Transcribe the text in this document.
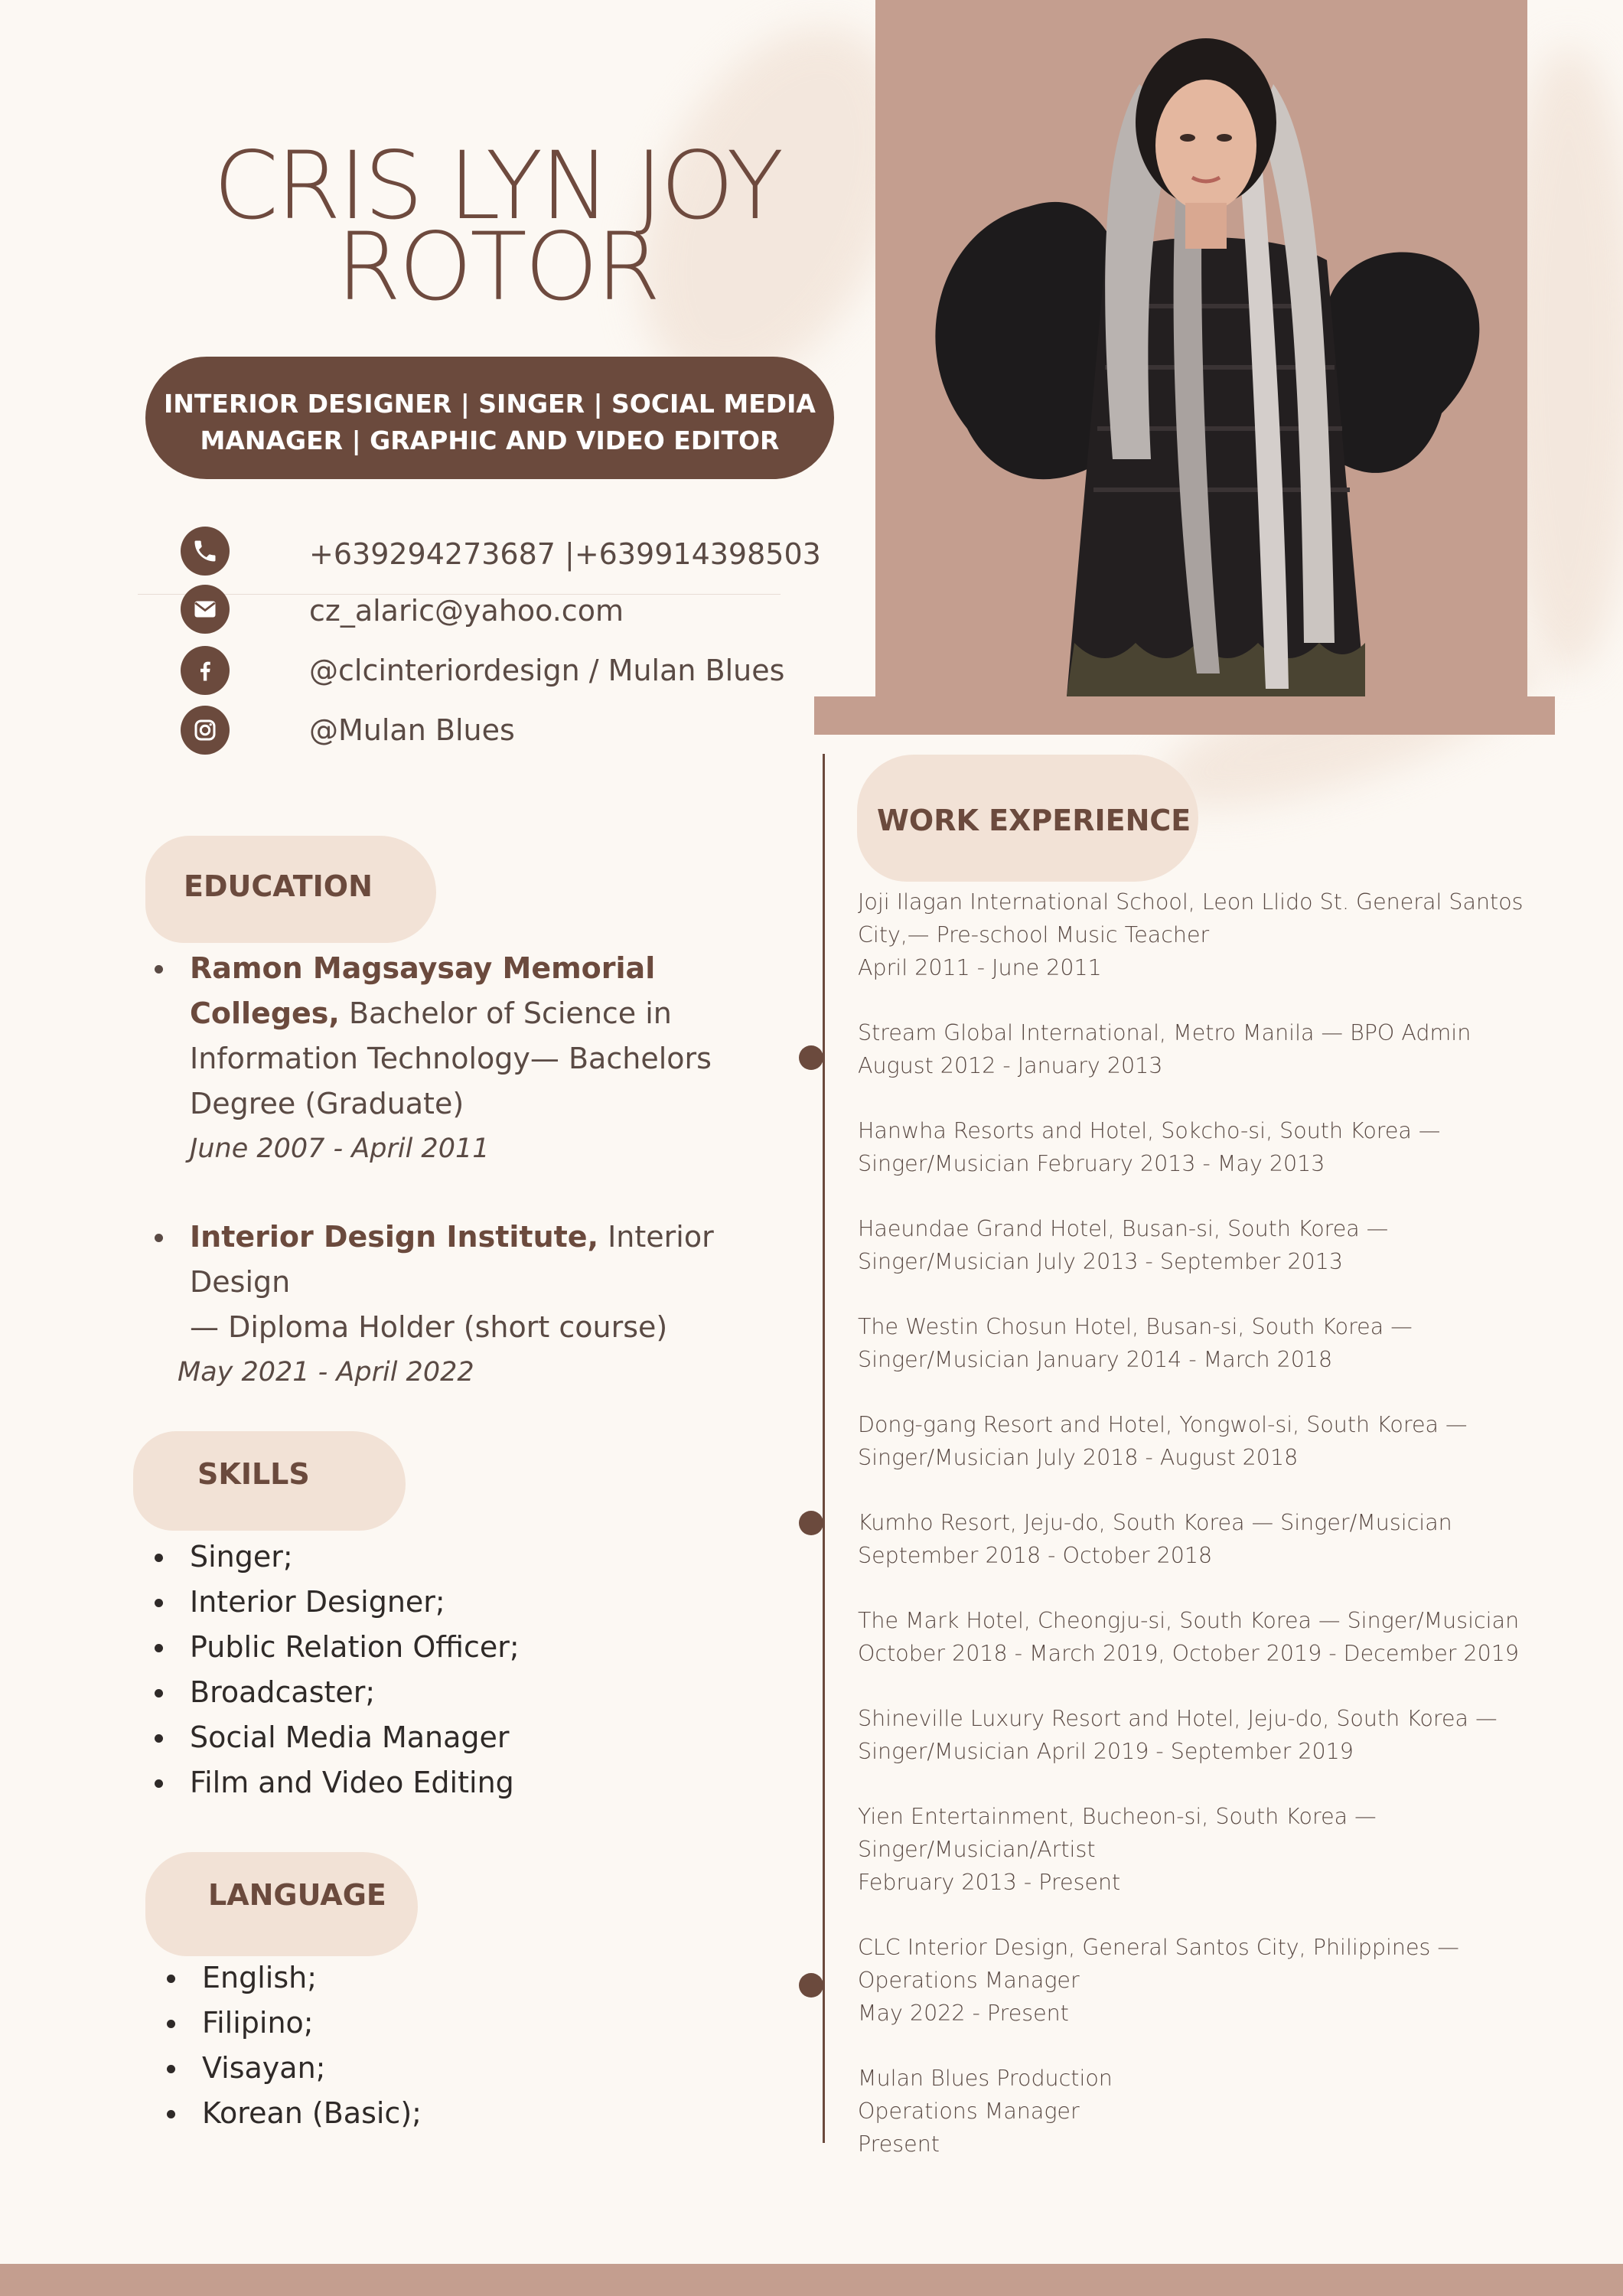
CRIS LYN JOY
ROTOR
INTERIOR DESIGNER | SINGER | SOCIAL MEDIA
MANAGER | GRAPHIC AND VIDEO EDITOR
+639294273687 |+639914398503
cz_alaric@yahoo.com
@clcinteriordesign / Mulan Blues
@Mulan Blues
EDUCATION
Ramon Magsaysay Memorial
Colleges, Bachelor of Science in
Information Technology— Bachelors
Degree (Graduate)
June 2007 - April 2011
Interior Design Institute, Interior Design
— Diploma Holder (short course)
May 2021 - April 2022
SKILLS
Singer;
Interior Designer;
Public Relation Officer;
Broadcaster;
Social Media Manager
Film and Video Editing
LANGUAGE
English;
Filipino;
Visayan;
Korean (Basic);
WORK EXPERIENCE
Joji Ilagan International School, Leon Llido St. General Santos
City,— Pre-school Music Teacher
April 2011 - June 2011
Stream Global International, Metro Manila — BPO Admin
August 2012 - January 2013
Hanwha Resorts and Hotel, Sokcho-si, South Korea —
Singer/Musician February 2013 - May 2013
Haeundae Grand Hotel, Busan-si, South Korea —
Singer/Musician July 2013 - September 2013
The Westin Chosun Hotel, Busan-si, South Korea —
Singer/Musician January 2014 - March 2018
Dong-gang Resort and Hotel, Yongwol-si, South Korea —
Singer/Musician July 2018 - August 2018
Kumho Resort, Jeju-do, South Korea — Singer/Musician
September 2018 - October 2018
The Mark Hotel, Cheongju-si, South Korea — Singer/Musician
October 2018 - March 2019, October 2019 - December 2019
Shineville Luxury Resort and Hotel, Jeju-do, South Korea —
Singer/Musician April 2019 - September 2019
Yien Entertainment, Bucheon-si, South Korea —
Singer/Musician/Artist
February 2013 - Present
CLC Interior Design, General Santos City, Philippines —
Operations Manager
May 2022 - Present
Mulan Blues Production
Operations Manager
Present
